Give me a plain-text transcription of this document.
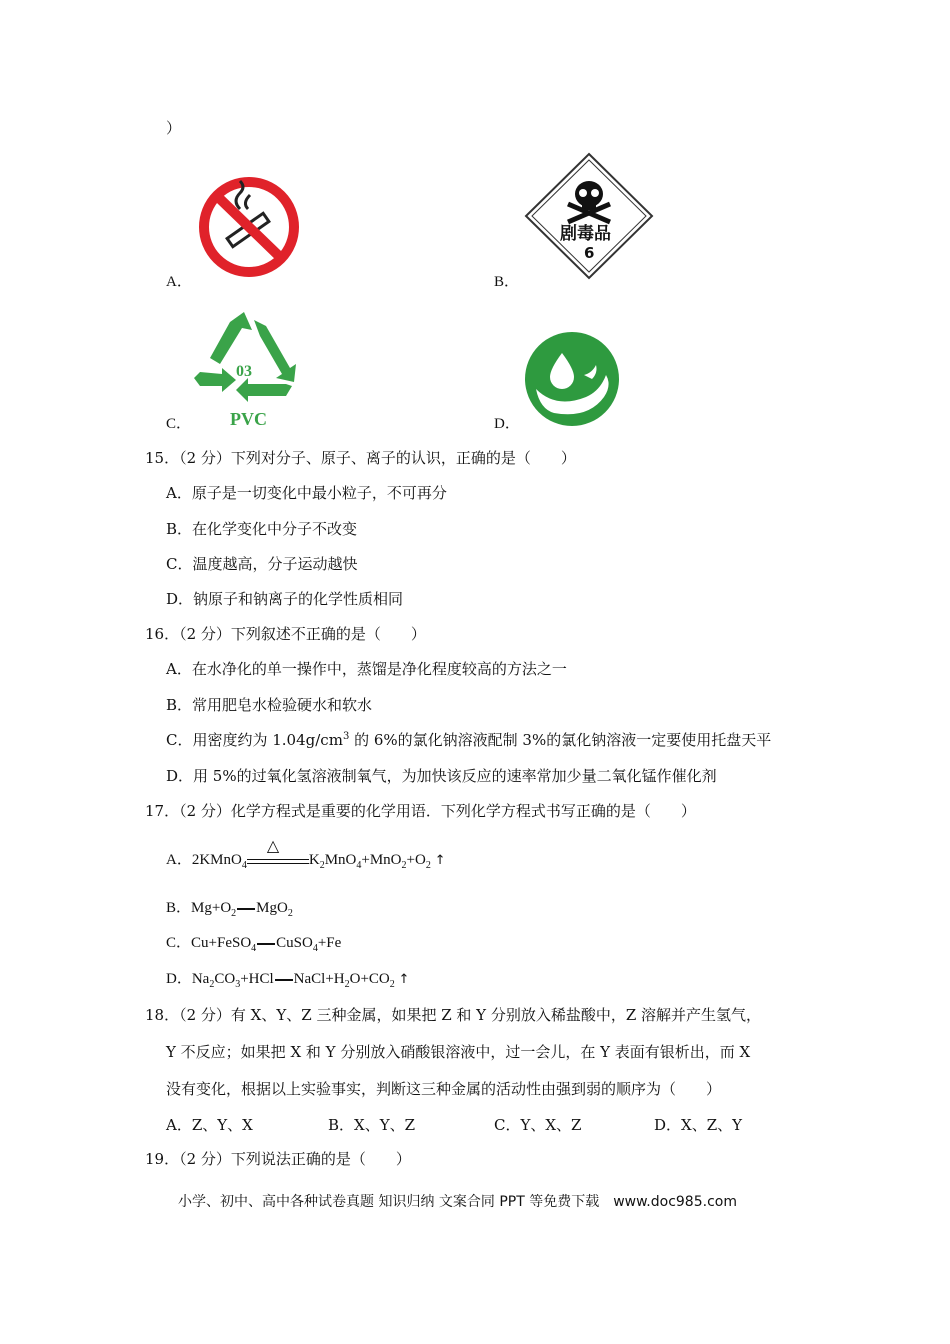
）
A．
剧毒品
6
B．
03
PVC
C．	D．
15．（2 分）下列对分子、原子、离子的认识，正确的是（　　）
A．原子是一切变化中最小粒子，不可再分
B．在化学变化中分子不改变
C．温度越高，分子运动越快
D．钠原子和钠离子的化学性质相同
16．（2 分）下列叙述不正确的是（　　）
A．在水净化的单一操作中，蒸馏是净化程度较高的方法之一
B．常用肥皂水检验硬水和软水
C．用密度约为 $1.04g/cm^3$ 的 6%的氯化钠溶液配制 3%的氯化钠溶液一定要使用托盘天平
D．用 5%的过氧化氢溶液制氧气，为加快该反应的速率常加少量二氧化锰作催化剂
17．（2 分）化学方程式是重要的化学用语．下列化学方程式书写正确的是（　　）
A．2KMnO$_4$
△
$K_2MnO_4+MnO_2+O_2$ ↑
B．$Mg+O_2$ MgO$_2$
C．Cu+FeSO$_4$ CuSO$_4$+Fe
D．$Na_2CO_3+HCl$ $NaCl+H_2O+CO_2$ ↑
18．（2 分）有 X、Y、Z 三种金属，如果把 Z 和 Y 分别放入稀盐酸中，Z 溶解并产生氢气，
Y 不反应；如果把 X 和 Y 分别放入硝酸银溶液中，过一会儿，在 Y 表面有银析出，而 X
没有变化，根据以上实验事实，判断这三种金属的活动性由强到弱的顺序为（　　）
A．Z、Y、X	B．X、Y、Z	C．Y、X、Z	D．X、Z、Y
19．（2 分）下列说法正确的是（　　）
小学、初中、高中各种试卷真题 知识归纳 文案合同 PPT 等免费下载　www.doc985.com
